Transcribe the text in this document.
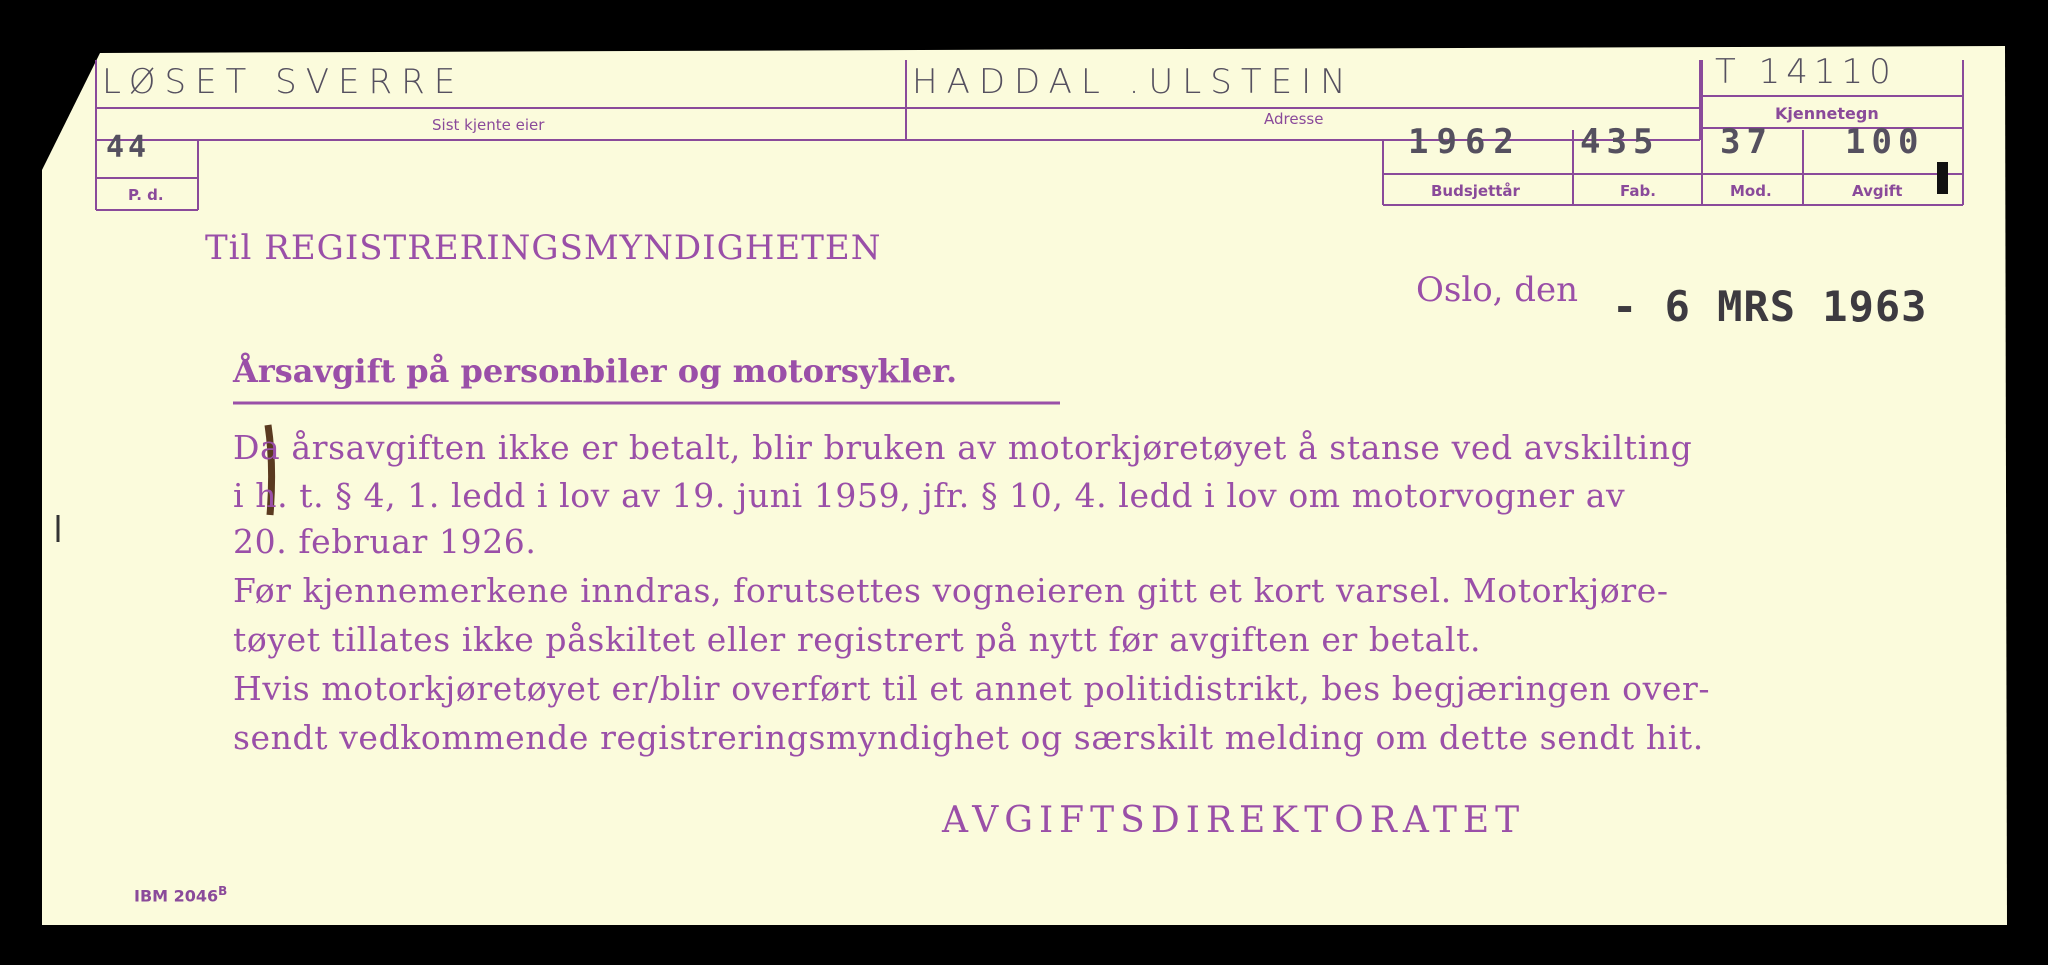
LØSET SVERRE
Sist kjente eier
HADDAL .ULSTEIN
Adresse
T 14110
Kjennetegn
44
P. d.
1962
Budsjettår
435
Fab.
37
Mod.
100
Avgift
Til REGISTRERINGSMYNDIGHETEN
Oslo, den - 6 MRS 1963
Årsavgift på personbiler og motorsykler.
Da årsavgiften ikke er betalt, blir bruken av motorkjøretøyet å stanse ved avskilting
i h. t. § 4, 1. ledd i lov av 19. juni 1959, jfr. § 10, 4. ledd i lov om motorvogner av
20. februar 1926.
Før kjennemerkene inndras, forutsettes vogneieren gitt et kort varsel. Motorkjøre-
tøyet tillates ikke påskiltet eller registrert på nytt før avgiften er betalt.
Hvis motorkjøretøyet er/blir overført til et annet politidistrikt, bes begjæringen over-
sendt vedkommende registreringsmyndighet og særskilt melding om dette sendt hit.
AVGIFTSDIREKTORATET
IBM $2046^B$
